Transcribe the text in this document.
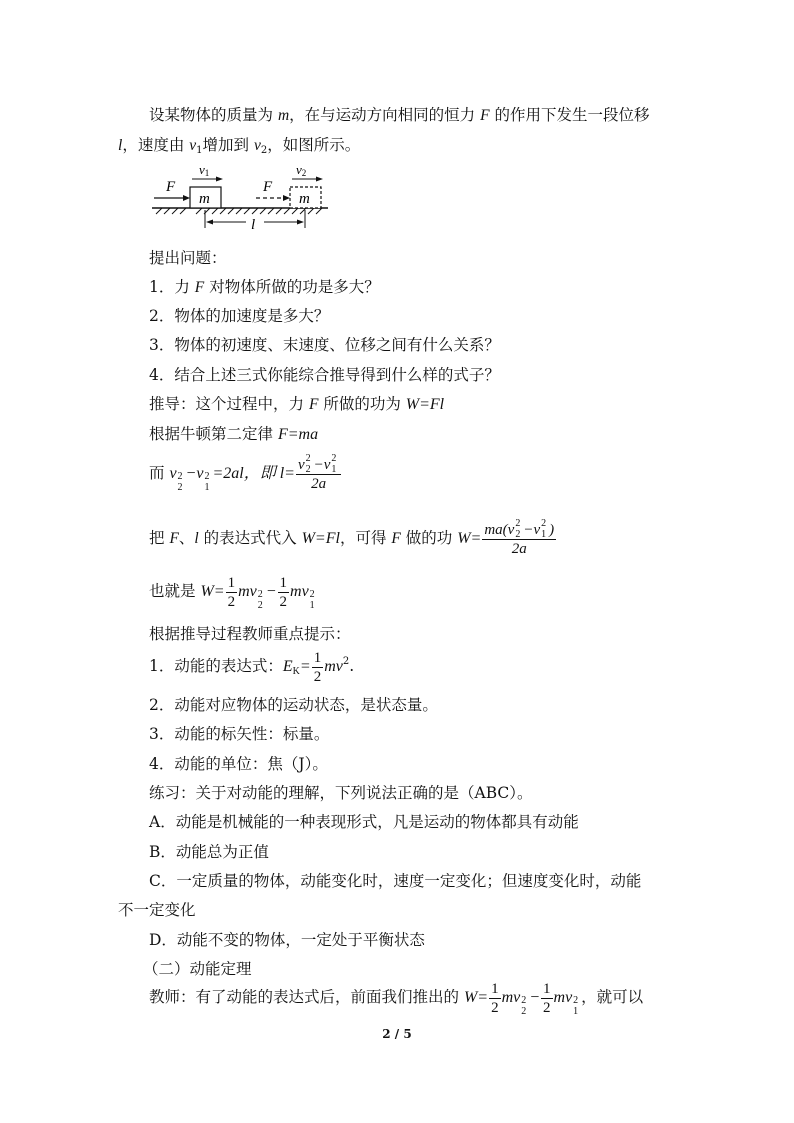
设某物体的质量为 m，在与运动方向相同的恒力 F 的作用下发生一段位移
l，速度由 $v_1$增加到 $v_2$，如图所示。
m
F
v1
m
F
v2
l
提出问题：
1．力 F 对物体所做的功是多大？
2．物体的加速度是多大？
3．物体的初速度、末速度、位移之间有什么关系？
4．结合上述三式你能综合推导得到什么样的式子？
推导：这个过程中，力 F 所做的功为 W=Fl
根据牛顿第二定律 F=ma
而 v 2
2
−v 2
1
=2al，即 l= v 2
2 −v 2
1
2a
把 F、l 的表达式代入 W=Fl，可得 F 做的功 W= ma(v 2
2 −v 2
1 )
2a
也就是 $W= \frac{1}{2}$ mv 2
2
− $\frac{1}{2}$ mv 2
1
根据推导过程教师重点提示：
1．动能的表达式：$E_K= \frac{1}{2} mv^2$.
2．动能对应物体的运动状态，是状态量。
3．动能的标矢性：标量。
4．动能的单位：焦（J）。
练习：关于对动能的理解，下列说法正确的是（ABC）。
A．动能是机械能的一种表现形式，凡是运动的物体都具有动能
B．动能总为正值
C．一定质量的物体，动能变化时，速度一定变化；但速度变化时，动能
不一定变化
D．动能不变的物体，一定处于平衡状态
（二）动能定理
教师：有了动能的表达式后，前面我们推出的 $W= \frac{1}{2}$ mv 2
2
− $\frac{1}{2}$ mv 2
1
，就可以
2 / 5
